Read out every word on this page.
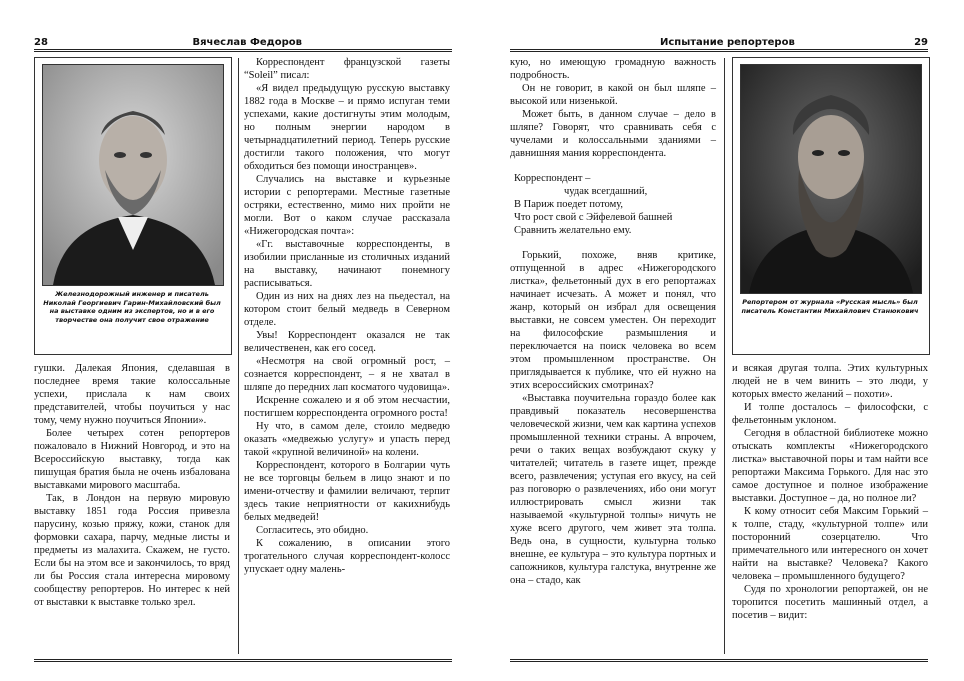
28	Вячеслав Федоров
Железнодорожный инженер и писатель Николай Георгиевич Гарин-Михайловский был на выставке одним из экспертов, но и в его творчестве она получит свое отражение

Корреспондент французской газеты “Soleil” писал:

«Я видел предыдущую русскую выставку 1882 года в Москве – и прямо испуган теми успехами, какие достигнуты этим молодым, но полным энергии народом в четырнадцатилетний период. Теперь русские достигли такого положения, что могут обходиться без помощи иностранцев».

Случались на выставке и курьезные истории с репортерами. Местные газетные остряки, естественно, мимо них пройти не могли. Вот о каком случае рассказала «Нижегородская почта»:

«Гг. выставочные корреспонденты, в изобилии присланные из столичных изданий на выставку, начинают понемногу расписываться.

Один из них на днях лез на пьедестал, на котором стоит белый медведь в Северном отделе.

Увы! Корреспондент оказался не так величественен, как его сосед.

«Несмотря на свой огромный рост, – сознается корреспондент, – я не хватал в шляпе до передних лап косматого чудовища».

Искренне сожалею и я об этом несчастии, постигшем корреспондента огромного роста!

Ну что, в самом деле, стоило медведю оказать «медвежью услугу» и упасть перед такой «крупной величиной» на колени.

Корреспондент, которого в Болгарии чуть не все торговцы бельем в лицо знают и по имени-отчеству и фамилии величают, терпит здесь такие неприятности от какихнибудь белых медведей!

Согласитесь, это обидно.

К сожалению, в описании этого трогательного случая корреспондент-колосс упускает одну малень-

гушки. Далекая Япония, сделавшая в последнее время такие колоссальные успехи, прислала к нам своих представителей, чтобы поучиться у нас тому, чему нужно поучиться Японии».

Более четырех сотен репортеров пожаловало в Нижний Новгород, и это на Всероссийскую выставку, тогда как пишущая братия была не очень избалована выставками мирового масштаба.

Так, в Лондон на первую мировую выставку 1851 года Россия привезла парусину, козью пряжу, кожи, станок для формовки сахара, парчу, медные листы и предметы из малахита. Скажем, не густо. Если бы на этом все и закончилось, то вряд ли бы Россия стала интересна мировому сообществу репортеров. Но интерес к ней от выставки к выставке только зрел.

Испытание репортеров	29

кую, но имеющую громадную важность подробность.

Он не говорит, в какой он был шляпе – высокой или низенькой.

Может быть, в данном случае – дело в шляпе? Говорят, что сравнивать себя с чучелами и колоссальными зданиями – давнишняя мания корреспондента.

Корреспондент –
чудак всегдашний,
В Париж поедет потому,
Что рост свой с Эйфелевой башней
Сравнить желательно ему.

Горький, похоже, вняв критике, отпущенной в адрес «Нижегородского листка», фельетонный дух в его репортажах начинает исчезать. А может и понял, что жанр, который он избрал для освещения выставки, не совсем уместен. Он переходит на философские размышления и переключается на поиск человека во всем этом промышленном пространстве. Он приглядывается к публике, что ей нужно на этих всероссийских смотринах?

«Выставка поучительна гораздо более как правдивый показатель несовершенства человеческой жизни, чем как картина успехов промышленной техники страны. А впрочем, речи о таких вещах возбуждают скуку у читателей; читатель в газете ищет, прежде всего, развлечения; уступая его вкусу, на сей раз поговорю о развлечениях, ибо они могут иллюстрировать смысл жизни так называемой «культурной толпы» ничуть не хуже всего другого, чем живет эта толпа. Ведь она, в сущности, культурна только внешне, ее культура – это культура портных и сапожников, культура галстука, внутренне же она – стадо, как

Репортером от журнала «Русская мысль» был писатель Константин Михайлович Станюкович

и всякая другая толпа. Этих культурных людей не в чем винить – это люди, у которых вместо желаний – похоти».

И толпе досталось – философски, с фельетонным уклоном.

Сегодня в областной библиотеке можно отыскать комплекты «Нижегородского листка» выставочной поры и там найти все репортажи Максима Горького. Для нас это самое доступное и полное изображение выставки. Доступное – да, но полное ли?

К кому относит себя Максим Горький – к толпе, стаду, «культурной толпе» или посторонний созерцателю. Что примечательного или интересного он хочет найти на выставке? Человека? Какого человека – промышленного будущего?

Судя по хронологии репортажей, он не торопится посетить машинный отдел, а посетив – видит:
